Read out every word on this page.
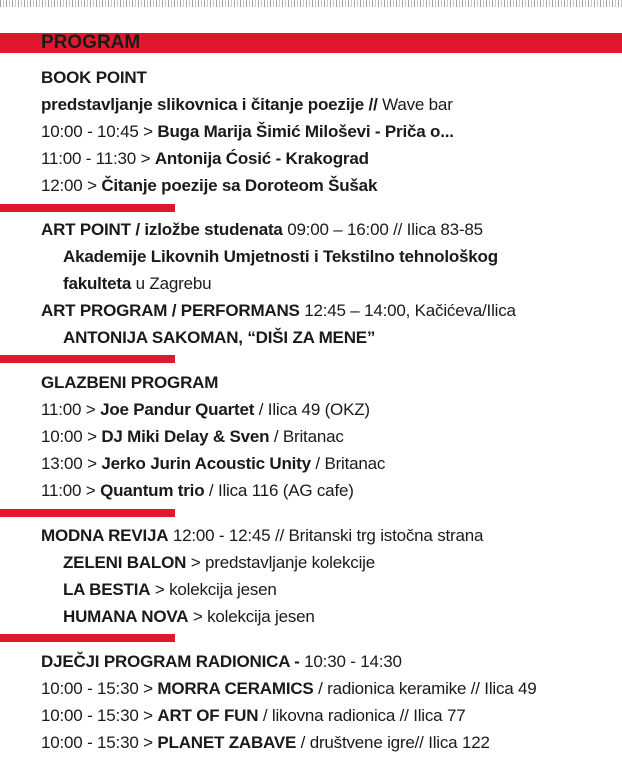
PROGRAM
BOOK POINT
predstavljanje slikovnica i čitanje poezije // Wave bar
10:00 - 10:45 > Buga Marija Šimić Miloševi - Priča o...
11:00 - 11:30 > Antonija Ćosić - Krakograd
12:00 > Čitanje poezije sa Doroteom Šušak
ART POINT / izložbe studenata 09:00 – 16:00 // Ilica 83-85
Akademije Likovnih Umjetnosti i Tekstilno tehnološkog
fakulteta u Zagrebu
ART PROGRAM / PERFORMANS 12:45 – 14:00, Kačićeva/Ilica
ANTONIJA SAKOMAN, “DIŠI ZA MENE”
GLAZBENI PROGRAM
11:00 > Joe Pandur Quartet / Ilica 49 (OKZ)
10:00 > DJ Miki Delay & Sven / Britanac
13:00 > Jerko Jurin Acoustic Unity / Britanac
11:00 > Quantum trio / Ilica 116 (AG cafe)
MODNA REVIJA 12:00 - 12:45 // Britanski trg istočna strana
ZELENI BALON > predstavljanje kolekcije
LA BESTIA > kolekcija jesen
HUMANA NOVA > kolekcija jesen
DJEČJI PROGRAM RADIONICA - 10:30 - 14:30
10:00 - 15:30 > MORRA CERAMICS / radionica keramike // Ilica 49
10:00 - 15:30 > ART OF FUN / likovna radionica // Ilica 77
10:00 - 15:30 > PLANET ZABAVE / društvene igre// Ilica 122
